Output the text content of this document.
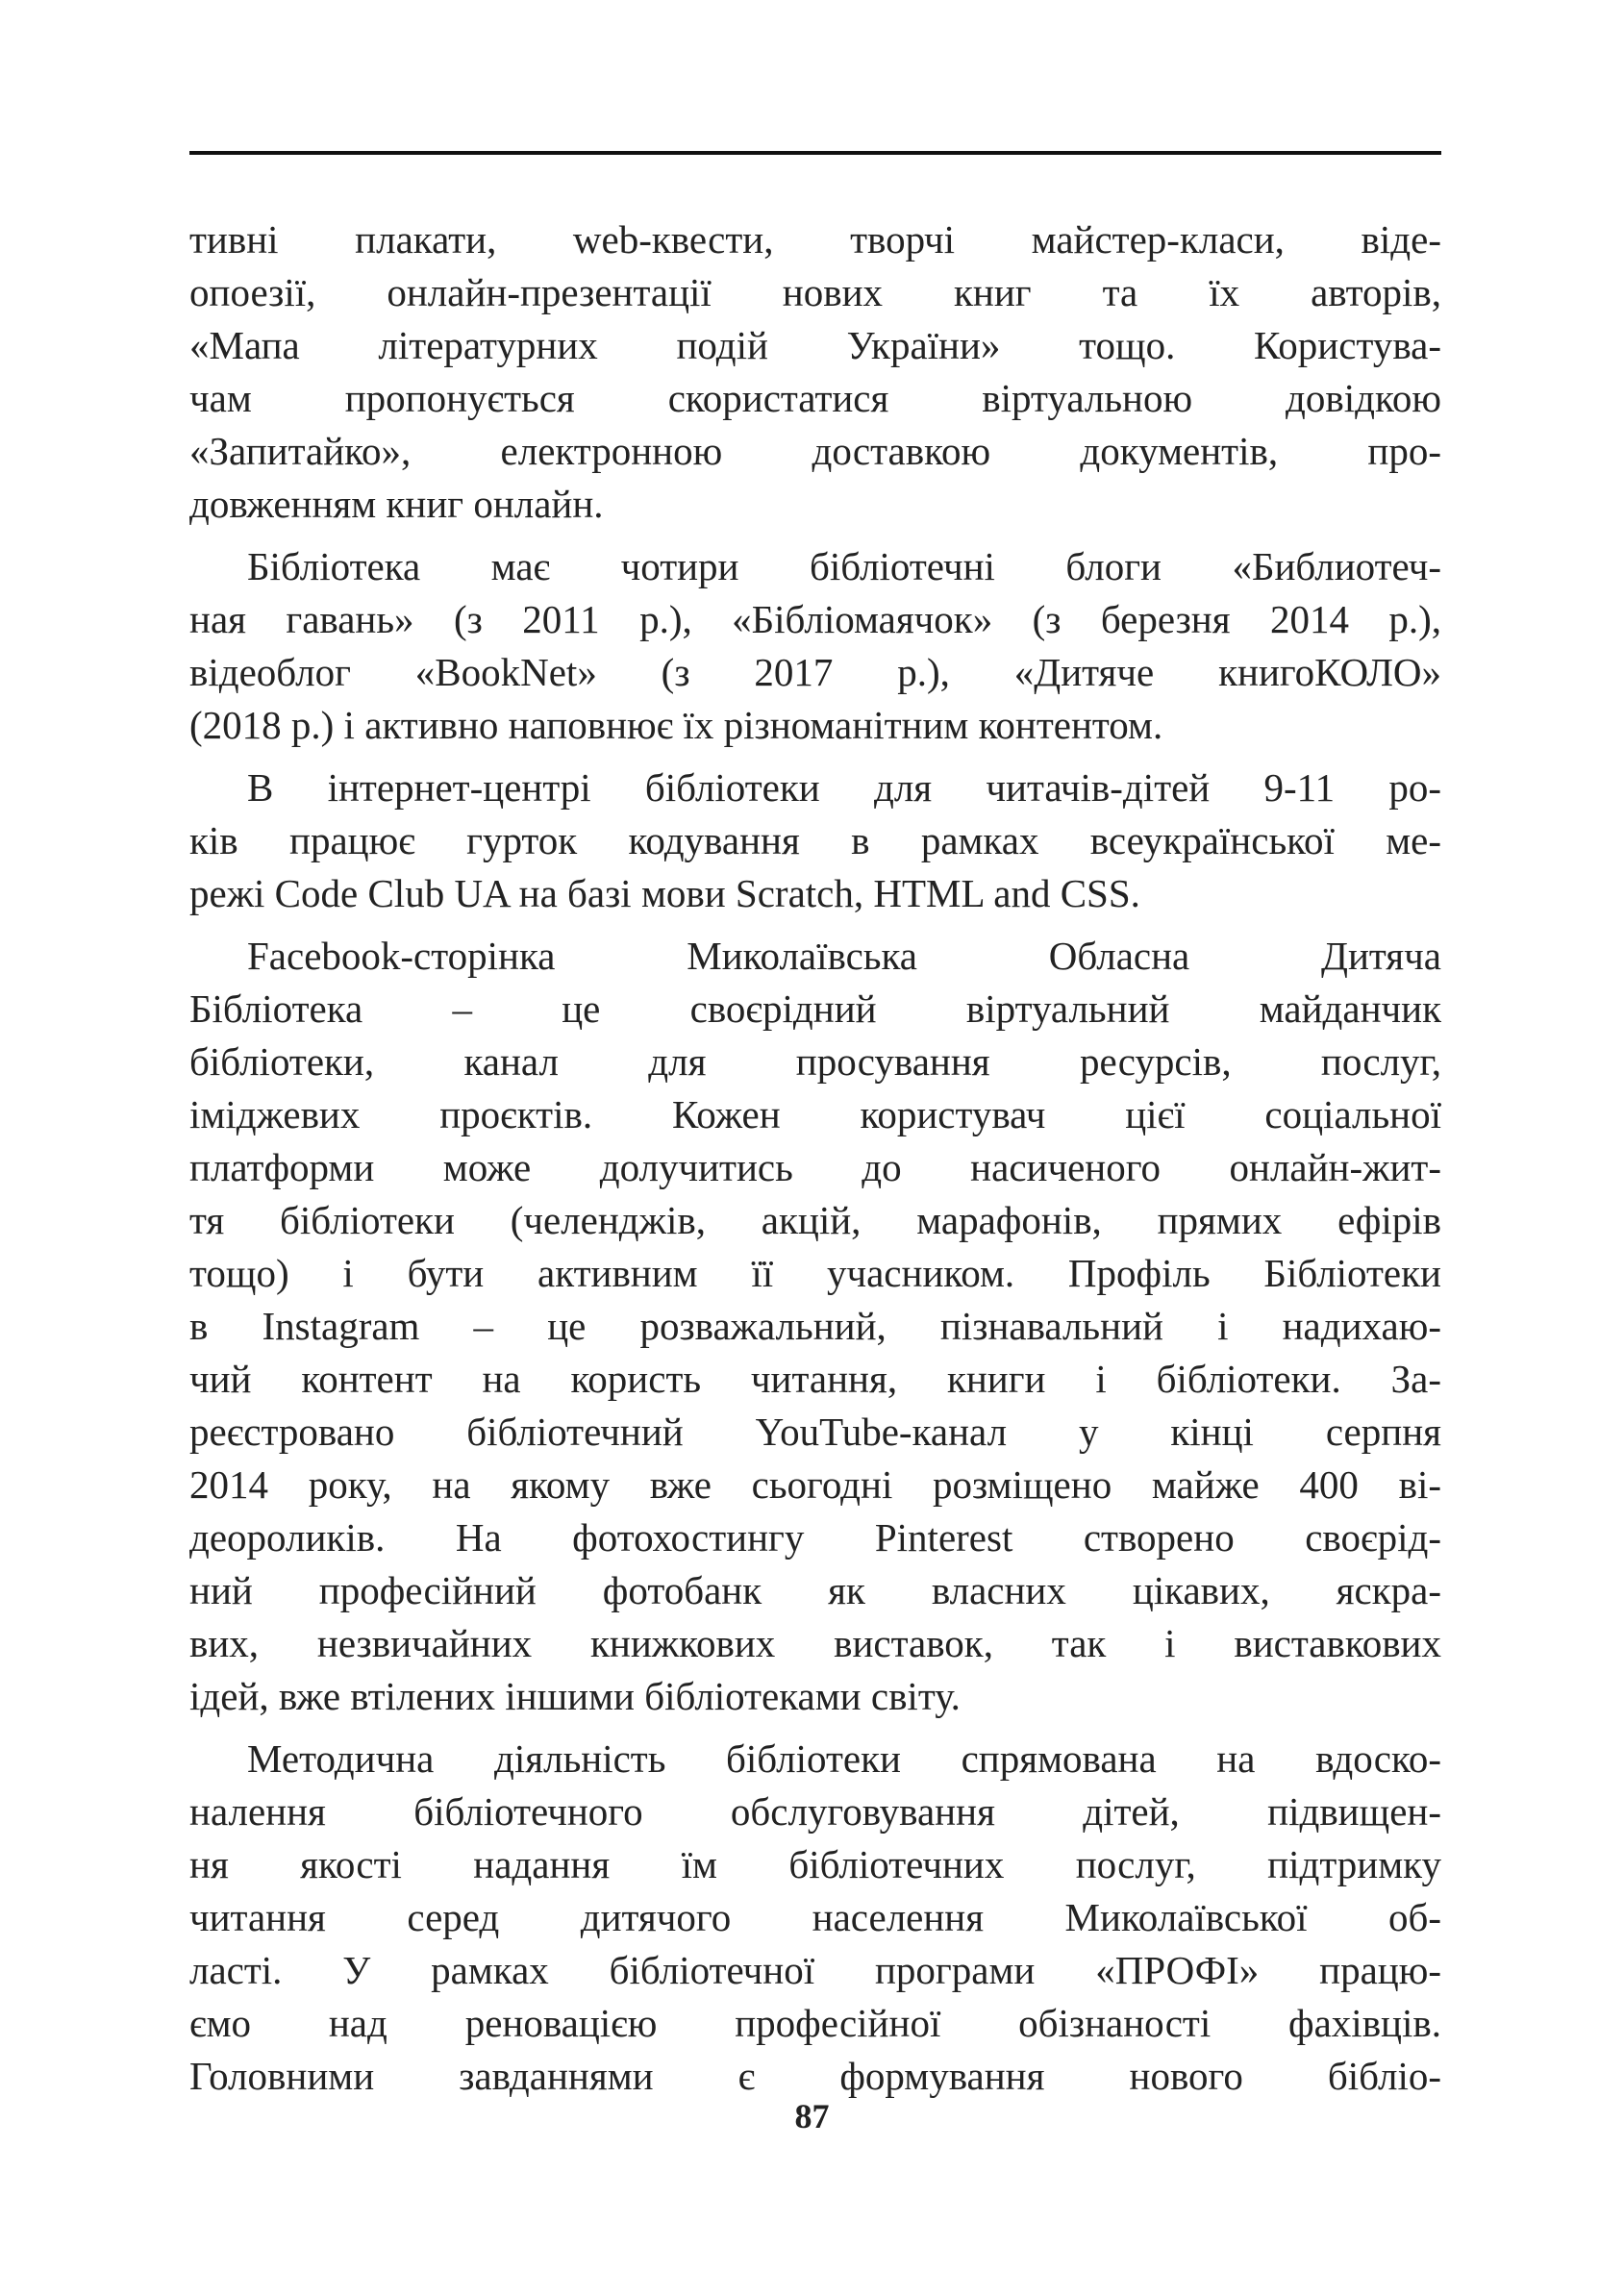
тивні плакати, web-квести, творчі майстер-класи, віде-
опоезії, онлайн-презентації нових книг та їх авторів,
«Мапа літературних подій України» тощо. Користува-
чам пропонується скористатися віртуальною довідкою
«Запитайко», електронною доставкою документів, про-
довженням книг онлайн.
Бібліотека має чотири бібліотечні блоги «Библиотеч-
ная гавань» (з 2011 р.), «Бібліомаячок» (з березня 2014 р.),
відеоблог «BookNet» (з 2017 р.), «Дитяче книгоКОЛО»
(2018 р.) і активно наповнює їх різноманітним контентом.
В інтернет-центрі бібліотеки для читачів-дітей 9-11 ро-
ків працює гурток кодування в рамках всеукраїнської ме-
режі Code Club UA на базі мови Scratch, HTML and CSS.
Facebook-сторінка Миколаївська Обласна Дитяча
Бібліотека – це своєрідний віртуальний майданчик
бібліотеки, канал для просування ресурсів, послуг,
іміджевих проєктів. Кожен користувач цієї соціальної
платформи може долучитись до насиченого онлайн-жит-
тя бібліотеки (челенджів, акцій, марафонів, прямих ефірів
тощо) і бути активним її учасником. Профіль Бібліотеки
в Instagram – це розважальний, пізнавальний і надихаю-
чий контент на користь читання, книги і бібліотеки. За-
реєстровано бібліотечний YouTube-канал у кінці серпня
2014 року, на якому вже сьогодні розміщено майже 400 ві-
деороликів. На фотохостингу Pinterest створено своєрід-
ний професійний фотобанк як власних цікавих, яскра-
вих, незвичайних книжкових виставок, так і виставкових
ідей, вже втілених іншими бібліотеками світу.
Методична діяльність бібліотеки спрямована на вдоско-
налення бібліотечного обслуговування дітей, підвищен-
ня якості надання їм бібліотечних послуг, підтримку
читання серед дитячого населення Миколаївської об-
ласті. У рамках бібліотечної програми «ПРОФІ» працю-
ємо над реновацією професійної обізнаності фахівців.
Головними завданнями є формування нового бібліо-
87
